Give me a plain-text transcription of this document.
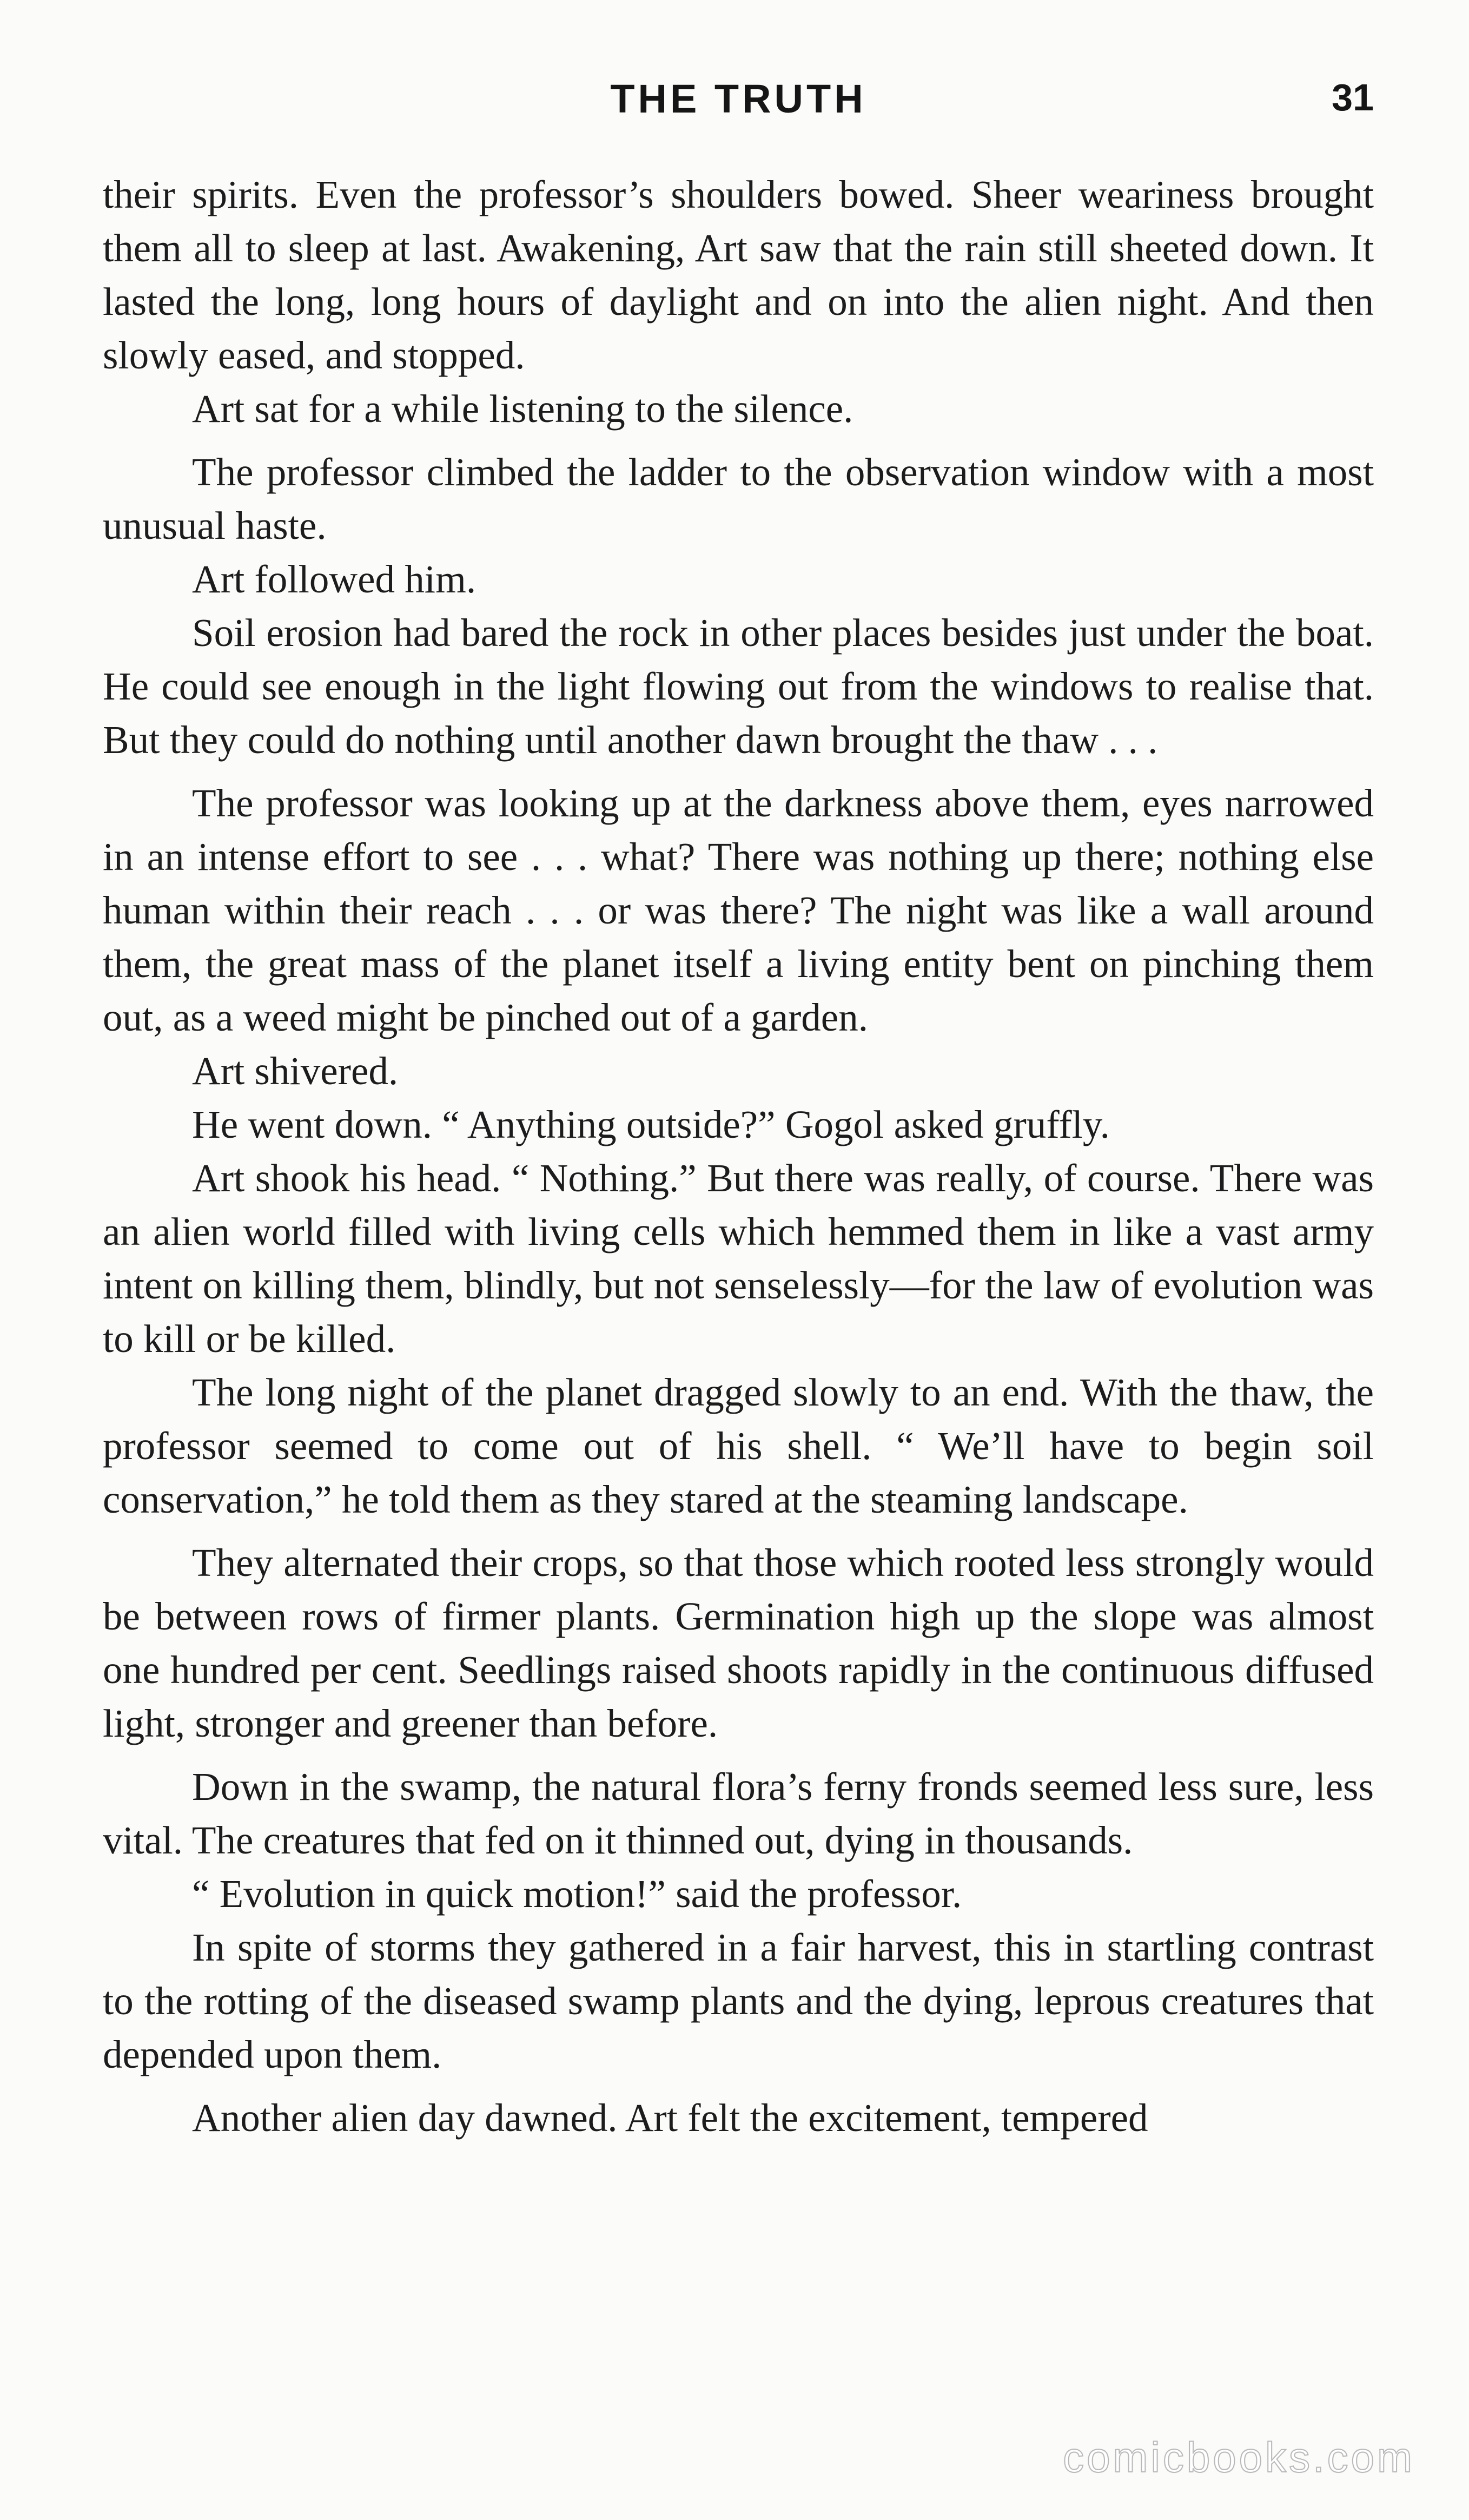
THE TRUTH	31

their spirits. Even the professor’s shoulders bowed. Sheer weariness brought them all to sleep at last. Awakening, Art saw that the rain still sheeted down. It lasted the long, long hours of daylight and on into the alien night. And then slowly eased, and stopped.

Art sat for a while listening to the silence.

The professor climbed the ladder to the observation window with a most unusual haste.

Art followed him.

Soil erosion had bared the rock in other places besides just under the boat. He could see enough in the light flowing out from the windows to realise that. But they could do nothing until another dawn brought the thaw . . .

The professor was looking up at the darkness above them, eyes narrowed in an intense effort to see . . . what? There was nothing up there; nothing else human within their reach . . . or was there? The night was like a wall around them, the great mass of the planet itself a living entity bent on pinching them out, as a weed might be pinched out of a garden.

Art shivered.

He went down. “ Anything outside?” Gogol asked gruffly.

Art shook his head. “ Nothing.” But there was really, of course. There was an alien world filled with living cells which hemmed them in like a vast army intent on killing them, blindly, but not senselessly—for the law of evolution was to kill or be killed.

The long night of the planet dragged slowly to an end. With the thaw, the professor seemed to come out of his shell. “ We’ll have to begin soil conservation,” he told them as they stared at the steaming landscape.

They alternated their crops, so that those which rooted less strongly would be between rows of firmer plants. Germination high up the slope was almost one hundred per cent. Seedlings raised shoots rapidly in the continuous diffused light, stronger and greener than before.

Down in the swamp, the natural flora’s ferny fronds seemed less sure, less vital. The creatures that fed on it thinned out, dying in thousands.

“ Evolution in quick motion!” said the professor.

In spite of storms they gathered in a fair harvest, this in startling contrast to the rotting of the diseased swamp plants and the dying, leprous creatures that depended upon them.

Another alien day dawned. Art felt the excitement, tempered

comicbooks.com
